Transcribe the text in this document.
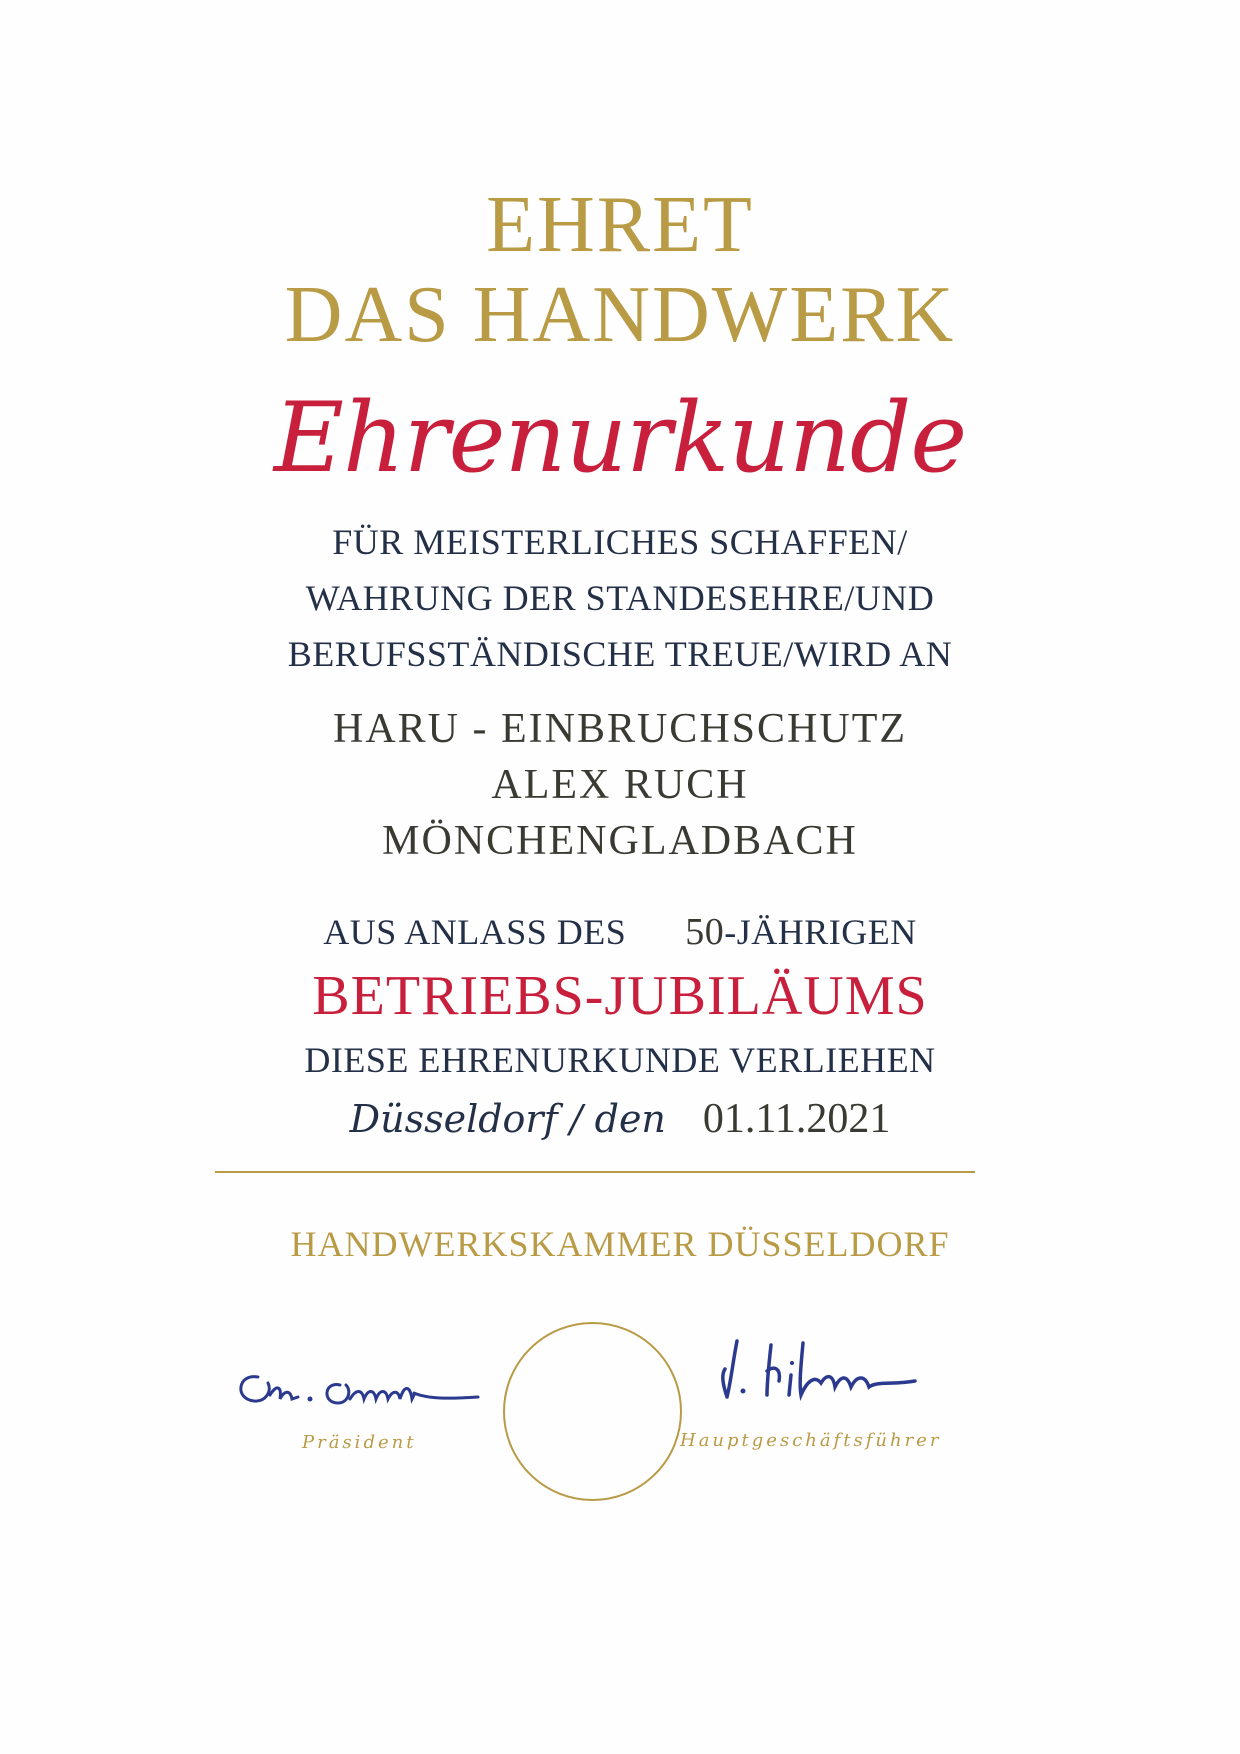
EHRET
DAS HANDWERK
Ehrenurkunde
FÜR MEISTERLICHES SCHAFFEN/
WAHRUNG DER STANDESEHRE/UND
BERUFSSTÄNDISCHE TREUE/WIRD AN
HARU - EINBRUCHSCHUTZ
ALEX RUCH
MÖNCHENGLADBACH
AUS ANLASS DES 50-JÄHRIGEN
BETRIEBS-JUBILÄUMS
DIESE EHRENURKUNDE VERLIEHEN
Düsseldorf / den 01.11.2021
HANDWERKSKAMMER DÜSSELDORF
Präsident	Hauptgeschäftsführer
